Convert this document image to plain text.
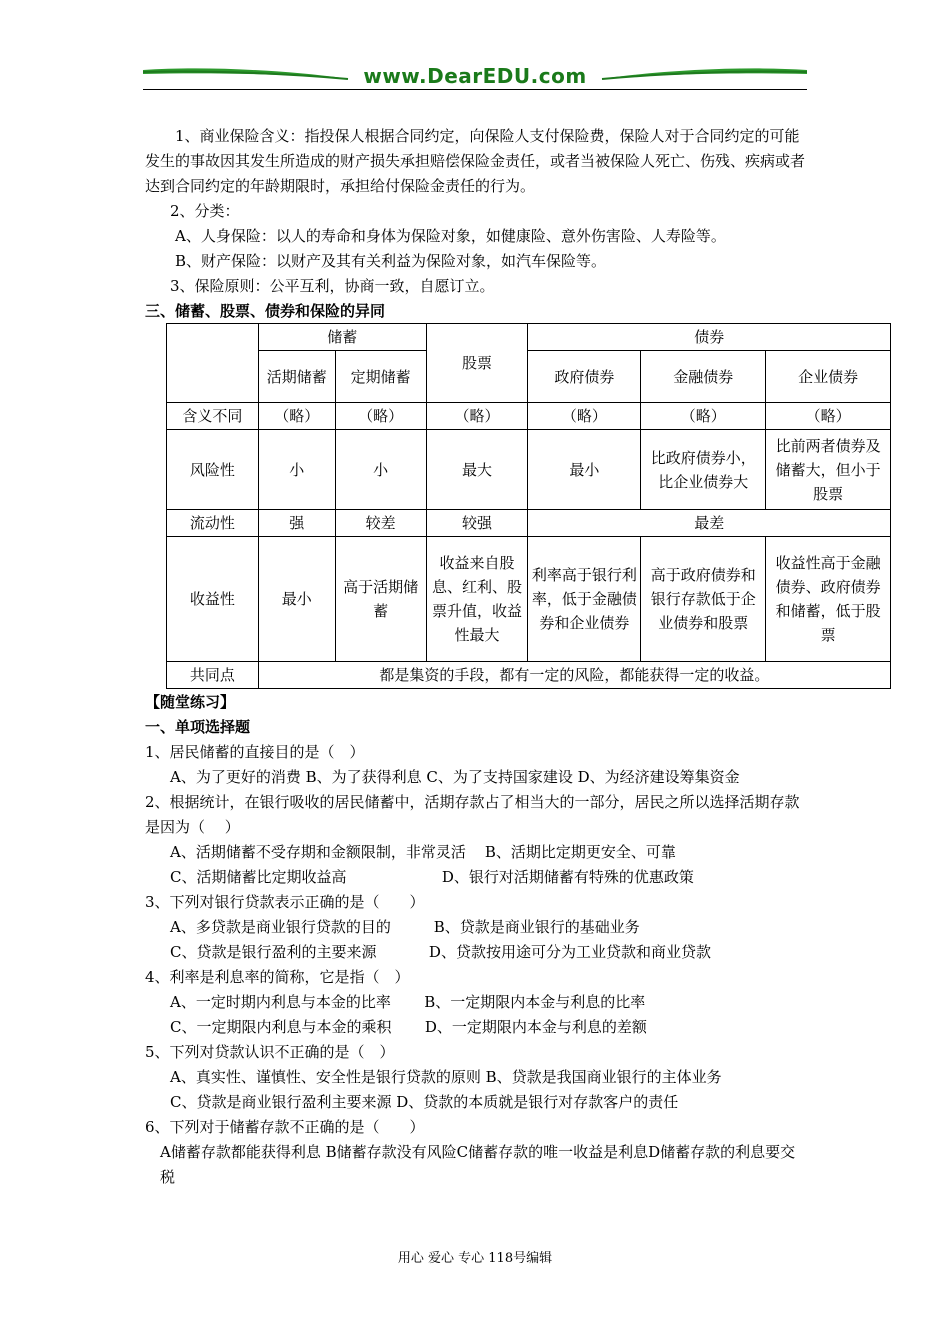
www.DearEDU.com

1、商业保险含义：指投保人根据合同约定，向保险人支付保险费，保险人对于合同约定的可能发生的事故因其发生所造成的财产损失承担赔偿保险金责任，或者当被保险人死亡、伤残、疾病或者达到合同约定的年龄期限时，承担给付保险金责任的行为。

2、分类：

A、人身保险：以人的寿命和身体为保险对象，如健康险、意外伤害险、人寿险等。

B、财产保险：以财产及其有关利益为保险对象，如汽车保险等。

3、保险原则：公平互利，协商一致，自愿订立。

三、储蓄、股票、债券和保险的异同

	储蓄		股票	债券		
	活期储蓄	定期储蓄		政府债券	金融债券	企业债券
含义不同	（略）	（略）	（略）	（略）	（略）	（略）
风险性	小	小	最大	最小	比政府债券小，比企业债券大	比前两者债券及储蓄大，但小于股票
流动性	强	较差	较强	最差		
收益性	最小	高于活期储蓄	收益来自股息、红利、股票升值，收益性最大	利率高于银行利率，低于金融债券和企业债券	高于政府债券和银行存款低于企业债券和股票	收益性高于金融债券、政府债券和储蓄，低于股票
共同点	都是集资的手段，都有一定的风险，都能获得一定的收益。					

【随堂练习】

一、单项选择题

1、居民储蓄的直接目的是（　）

A、为了更好的消费 B、为了获得利息 C、为了支持国家建设 D、为经济建设筹集资金

2、根据统计，在银行吸收的居民储蓄中，活期存款占了相当大的一部分，居民之所以选择活期存款是因为（　 ）

A、活期储蓄不受存期和金额限制，非常灵活    B、活期比定期更安全、可靠

C、活期储蓄比定期收益高                    D、银行对活期储蓄有特殊的优惠政策

3、下列对银行贷款表示正确的是（　　）

A、多贷款是商业银行贷款的目的         B、贷款是商业银行的基础业务

C、贷款是银行盈利的主要来源           D、贷款按用途可分为工业贷款和商业贷款

4、利率是利息率的简称，它是指（　）

A、一定时期内利息与本金的比率       B、一定期限内本金与利息的比率

C、一定期限内利息与本金的乘积       D、一定期限内本金与利息的差额

5、下列对贷款认识不正确的是（　）

A、真实性、谨慎性、安全性是银行贷款的原则 B、贷款是我国商业银行的主体业务

C、贷款是商业银行盈利主要来源 D、贷款的本质就是银行对存款客户的责任

6、下列对于储蓄存款不正确的是（　　）

A储蓄存款都能获得利息 B储蓄存款没有风险C储蓄存款的唯一收益是利息D储蓄存款的利息要交税

用心 爱心 专心 118号编辑
